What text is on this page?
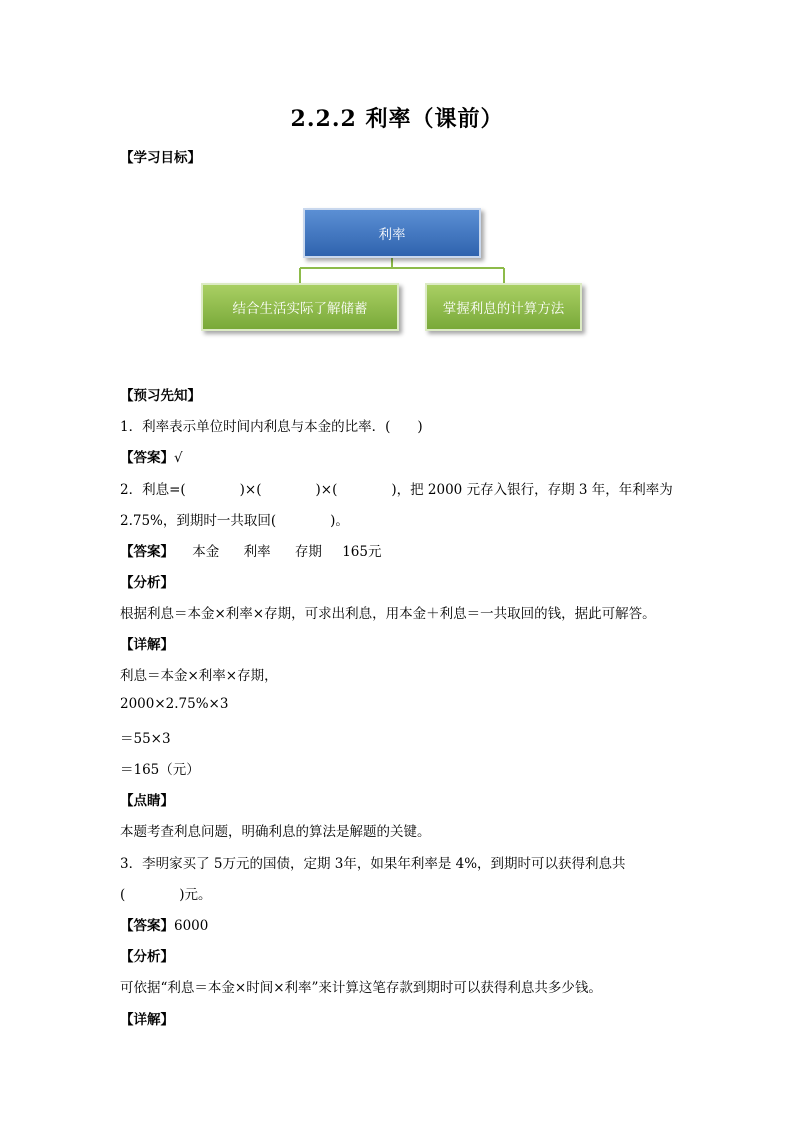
2.2.2 利率（课前）
【学习目标】
利率
结合生活实际了解储蓄	掌握利息的计算方法
【预习先知】
1．利率表示单位时间内利息与本金的比率．(　　)
【答案】√
2．利息=(　　　　)×(　　　　)×(　　　　)，把 2000 元存入银行，存期 3 年，年利率为
2.75%，到期时一共取回(　　　　)。
【答案】 本金 利率 存期 165元
【分析】
根据利息＝本金×利率×存期，可求出利息，用本金＋利息＝一共取回的钱，据此可解答。
【详解】
利息＝本金×利率×存期，
2000×2.75%×3
＝55×3
＝165（元）
【点睛】
本题考查利息问题，明确利息的算法是解题的关键。
3．李明家买了 5万元的国债，定期 3年，如果年利率是 4%，到期时可以获得利息共
(　　　　)元。
【答案】6000
【分析】
可依据“利息＝本金×时间×利率”来计算这笔存款到期时可以获得利息共多少钱。
【详解】
